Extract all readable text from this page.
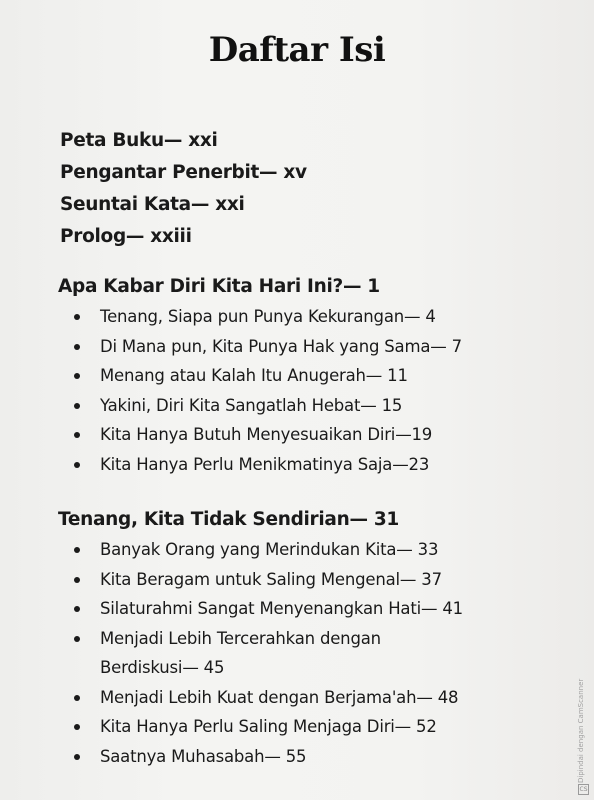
Daftar Isi
Peta Buku— xxi
Pengantar Penerbit— xv
Seuntai Kata— xxi
Prolog— xxiii
Apa Kabar Diri Kita Hari Ini?— 1
Tenang, Siapa pun Punya Kekurangan— 4
Di Mana pun, Kita Punya Hak yang Sama— 7
Menang atau Kalah Itu Anugerah— 11
Yakini, Diri Kita Sangatlah Hebat— 15
Kita Hanya Butuh Menyesuaikan Diri—19
Kita Hanya Perlu Menikmatinya Saja—23
Tenang, Kita Tidak Sendirian— 31
Banyak Orang yang Merindukan Kita— 33
Kita Beragam untuk Saling Mengenal— 37
Silaturahmi Sangat Menyenangkan Hati— 41
Menjadi Lebih Tercerahkan dengan
Berdiskusi— 45
Menjadi Lebih Kuat dengan Berjama'ah— 48
Kita Hanya Perlu Saling Menjaga Diri— 52
Saatnya Muhasabah— 55	Dipindai dengan CamScanner
CS
